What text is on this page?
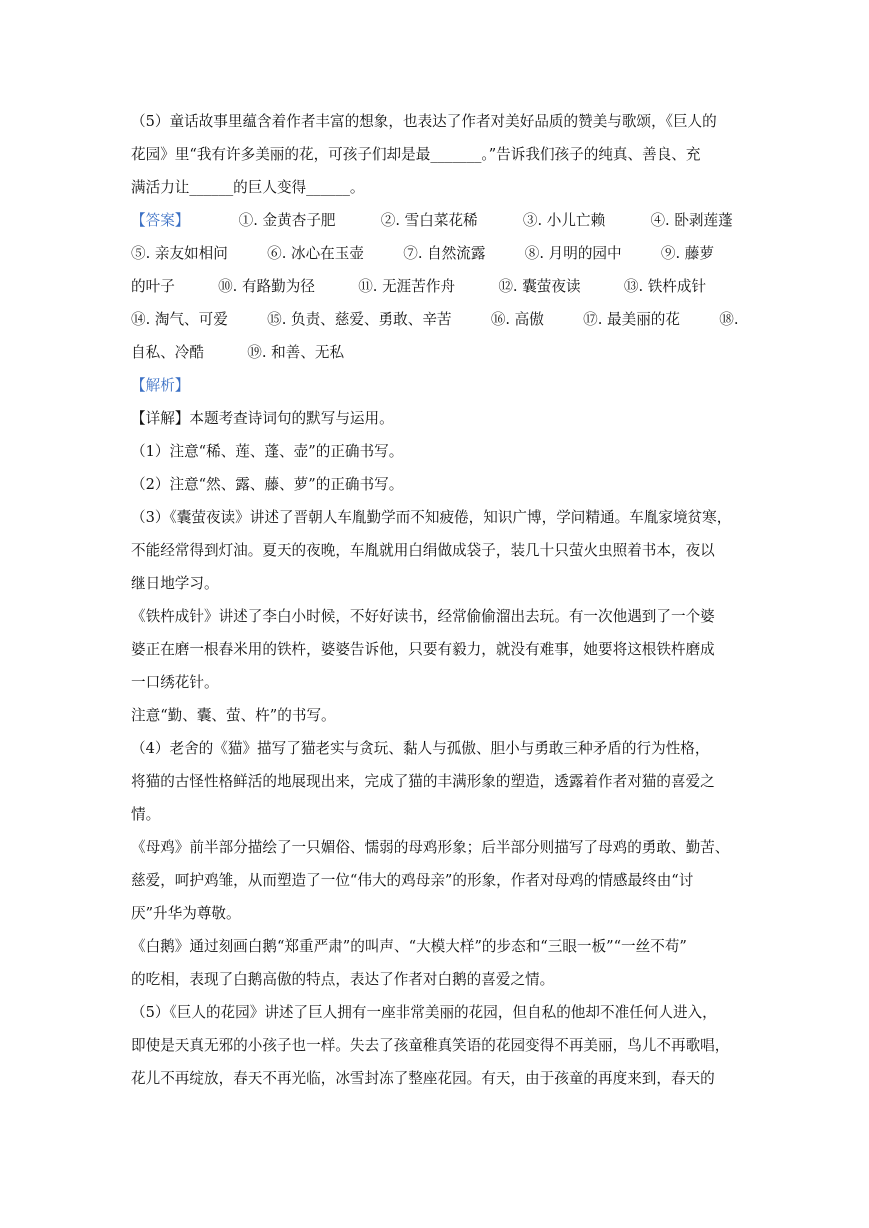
（5）童话故事里蕴含着作者丰富的想象，也表达了作者对美好品质的赞美与歌颂，《巨人的
花园》里“我有许多美丽的花，可孩子们却是最_______。”告诉我们孩子的纯真、善良、充
满活力让______的巨人变得______。
【答案】	①. 金黄杏子肥	②. 雪白菜花稀	③. 小儿亡赖	④. 卧剥莲蓬
⑤. 亲友如相问	⑥. 冰心在玉壶	⑦. 自然流露	⑧. 月明的园中	⑨. 藤萝
的叶子	⑩. 有路勤为径	⑪. 无涯苦作舟	⑫. 囊萤夜读	⑬. 铁杵成针
⑭. 淘气、可爱	⑮. 负责、慈爱、勇敢、辛苦	⑯. 高傲	⑰. 最美丽的花	⑱.
自私、冷酷	⑲. 和善、无私
【解析】
【详解】本题考查诗词句的默写与运用。
（1）注意“稀、莲、蓬、壶”的正确书写。
（2）注意“然、露、藤、萝”的正确书写。
（3）《囊萤夜读》讲述了晋朝人车胤勤学而不知疲倦，知识广博，学问精通。车胤家境贫寒，
不能经常得到灯油。夏天的夜晚，车胤就用白绢做成袋子，装几十只萤火虫照着书本，夜以
继日地学习。
《铁杵成针》讲述了李白小时候，不好好读书，经常偷偷溜出去玩。有一次他遇到了一个婆
婆正在磨一根舂米用的铁杵，婆婆告诉他，只要有毅力，就没有难事，她要将这根铁杵磨成
一口绣花针。
注意“勤、囊、萤、杵”的书写。
（4）老舍的《猫》描写了猫老实与贪玩、黏人与孤傲、胆小与勇敢三种矛盾的行为性格，
将猫的古怪性格鲜活的地展现出来，完成了猫的丰满形象的塑造，透露着作者对猫的喜爱之
情。
《母鸡》前半部分描绘了一只媚俗、懦弱的母鸡形象；后半部分则描写了母鸡的勇敢、勤苦、
慈爱，呵护鸡雏，从而塑造了一位“伟大的鸡母亲”的形象，作者对母鸡的情感最终由“讨
厌”升华为尊敬。
《白鹅》通过刻画白鹅“郑重严肃”的叫声、“大模大样”的步态和“三眼一板”“一丝不苟”
的吃相，表现了白鹅高傲的特点，表达了作者对白鹅的喜爱之情。
（5）《巨人的花园》讲述了巨人拥有一座非常美丽的花园，但自私的他却不准任何人进入，
即使是天真无邪的小孩子也一样。失去了孩童稚真笑语的花园变得不再美丽，鸟儿不再歌唱，
花儿不再绽放，春天不再光临，冰雪封冻了整座花园。有天，由于孩童的再度来到，春天的
